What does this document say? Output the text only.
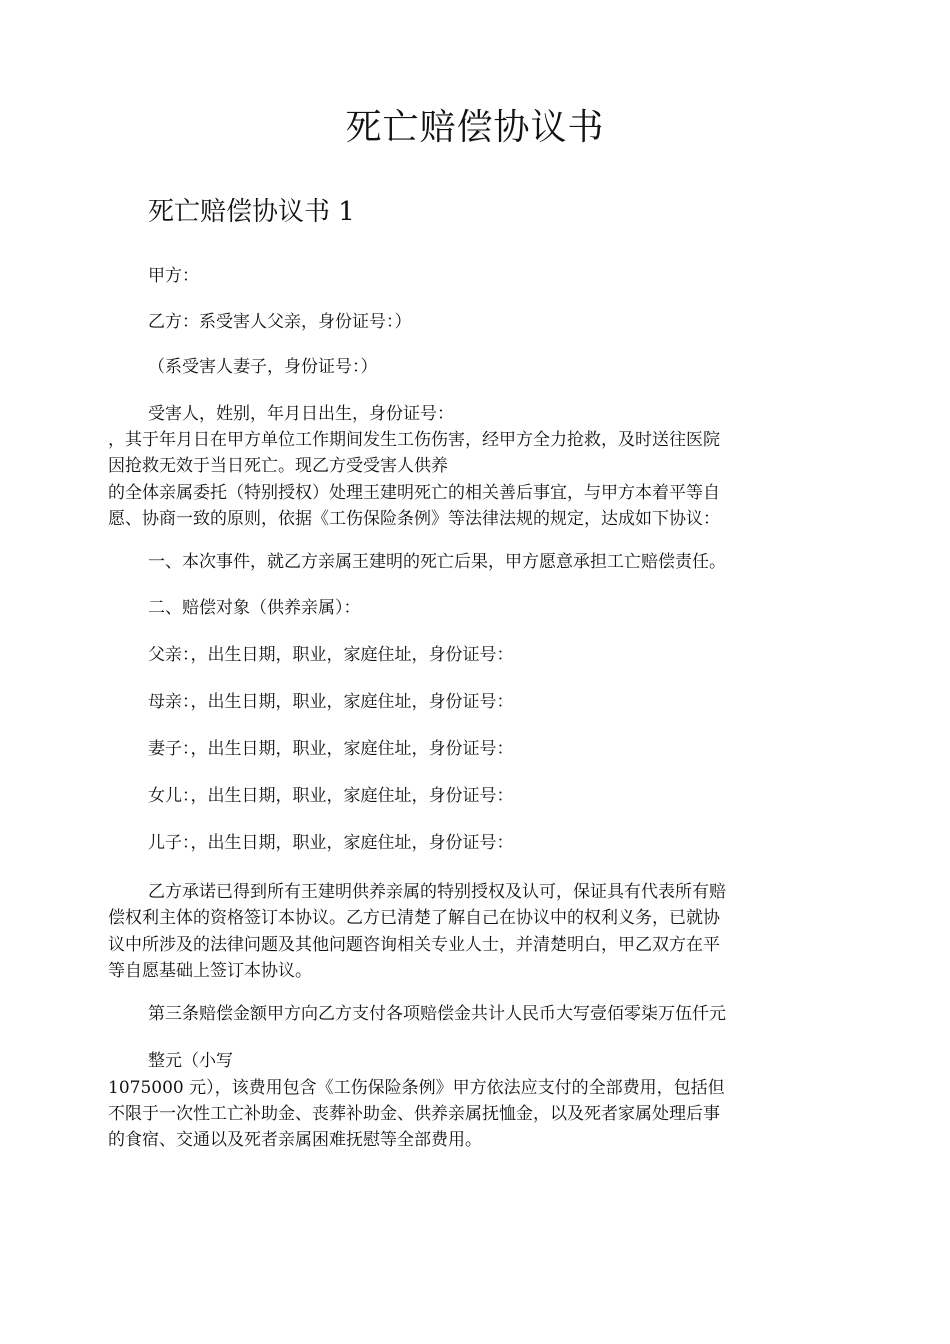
死亡赔偿协议书
死亡赔偿协议书 1
甲方：
乙方：系受害人父亲，身份证号：）
（系受害人妻子，身份证号：）
受害人，姓别，年月日出生，身份证号：
，其于年月日在甲方单位工作期间发生工伤伤害，经甲方全力抢救，及时送往医院
因抢救无效于当日死亡。现乙方受受害人供养
的全体亲属委托（特别授权）处理王建明死亡的相关善后事宜，与甲方本着平等自
愿、协商一致的原则，依据《工伤保险条例》等法律法规的规定，达成如下协议：
一、本次事件，就乙方亲属王建明的死亡后果，甲方愿意承担工亡赔偿责任。
二、赔偿对象（供养亲属）：
父亲：，出生日期，职业，家庭住址，身份证号：
母亲：，出生日期，职业，家庭住址，身份证号：
妻子：，出生日期，职业，家庭住址，身份证号：
女儿：，出生日期，职业，家庭住址，身份证号：
儿子：，出生日期，职业，家庭住址，身份证号：
乙方承诺已得到所有王建明供养亲属的特别授权及认可，保证具有代表所有赔
偿权利主体的资格签订本协议。乙方已清楚了解自己在协议中的权利义务，已就协
议中所涉及的法律问题及其他问题咨询相关专业人士，并清楚明白，甲乙双方在平
等自愿基础上签订本协议。
第三条赔偿金额甲方向乙方支付各项赔偿金共计人民币大写壹佰零柒万伍仟元
整元（小写
1075000 元），该费用包含《工伤保险条例》甲方依法应支付的全部费用，包括但
不限于一次性工亡补助金、丧葬补助金、供养亲属抚恤金，以及死者家属处理后事
的食宿、交通以及死者亲属困难抚慰等全部费用。
